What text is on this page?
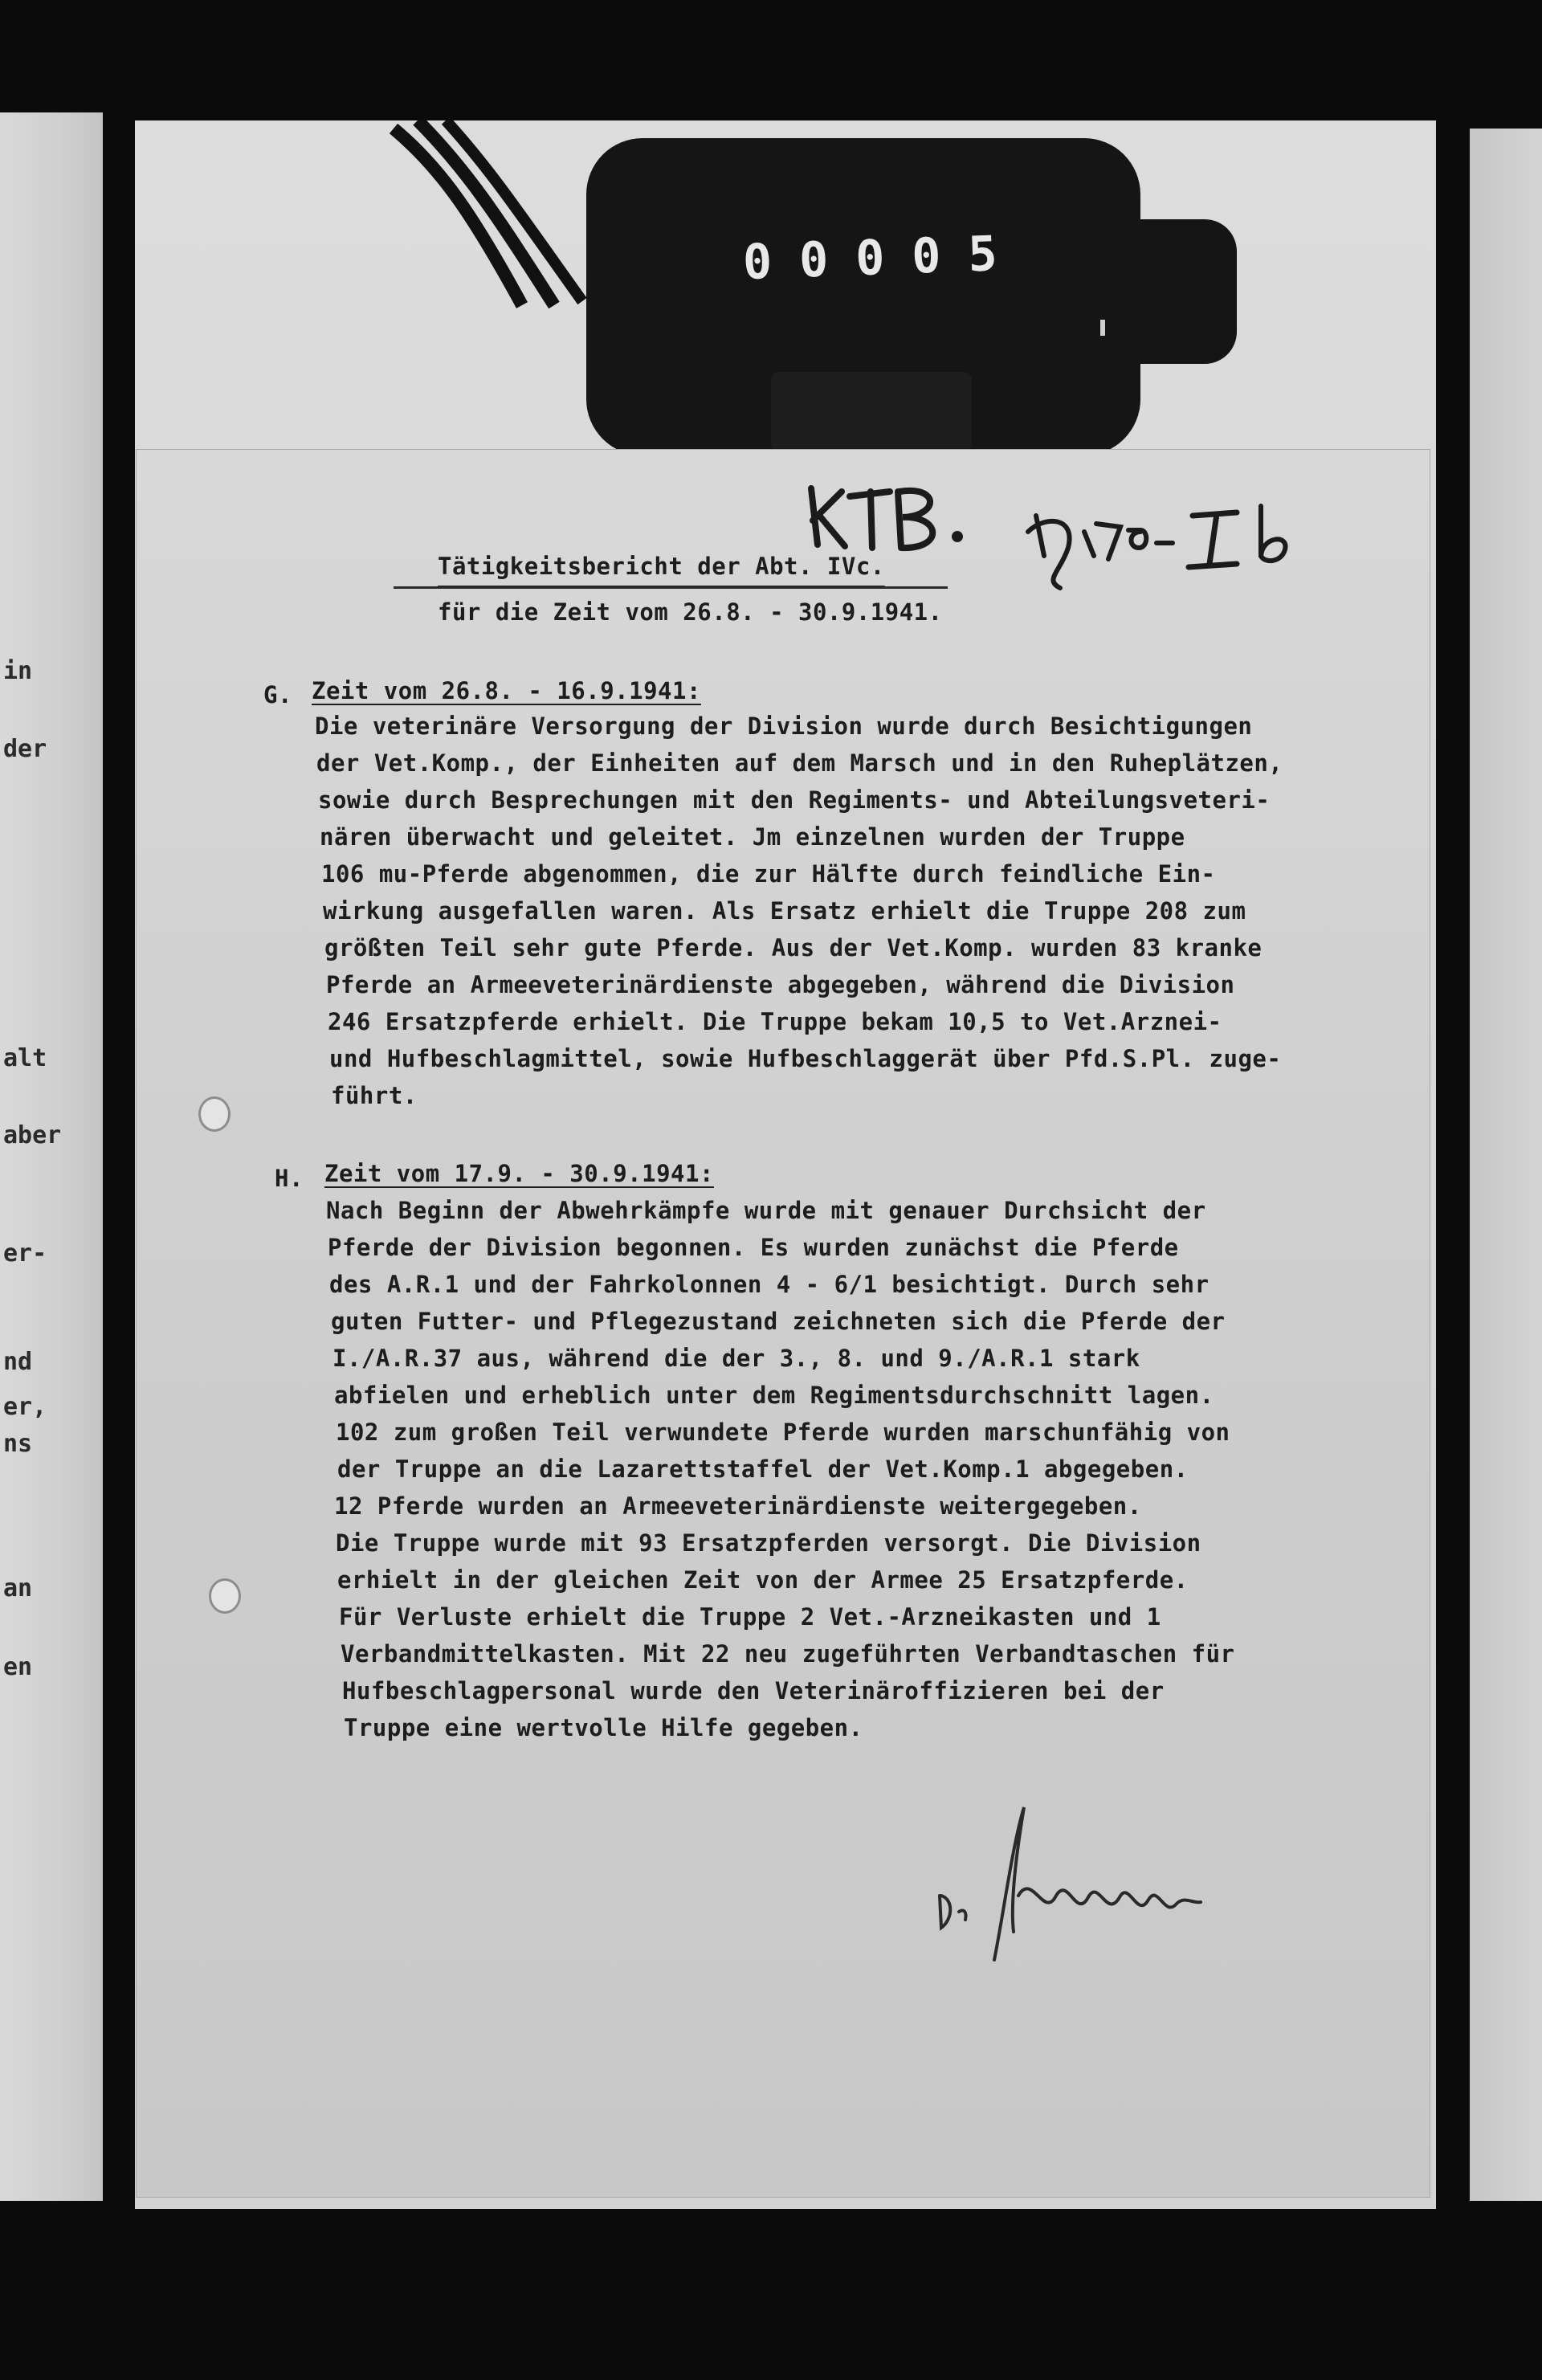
in
der
alt
aber
er-
nd
er,
ns
an
en
00005
Tätigkeitsbericht der Abt. IVc.
für die Zeit vom 26.8. - 30.9.1941.
G. Zeit vom 26.8. - 16.9.1941:
Die veterinäre Versorgung der Division wurde durch Besichtigungen
der Vet.Komp., der Einheiten auf dem Marsch und in den Ruheplätzen,
sowie durch Besprechungen mit den Regiments- und Abteilungsveteri-
nären überwacht und geleitet. Jm einzelnen wurden der Truppe
106 mu-Pferde abgenommen, die zur Hälfte durch feindliche Ein-
wirkung ausgefallen waren. Als Ersatz erhielt die Truppe 208 zum
größten Teil sehr gute Pferde. Aus der Vet.Komp. wurden 83 kranke
Pferde an Armeeveterinärdienste abgegeben, während die Division
246 Ersatzpferde erhielt. Die Truppe bekam 10,5 to Vet.Arznei-
und Hufbeschlagmittel, sowie Hufbeschlaggerät über Pfd.S.Pl. zuge-
führt.
H. Zeit vom 17.9. - 30.9.1941:
Nach Beginn der Abwehrkämpfe wurde mit genauer Durchsicht der
Pferde der Division begonnen. Es wurden zunächst die Pferde
des A.R.1 und der Fahrkolonnen 4 - 6/1 besichtigt. Durch sehr
guten Futter- und Pflegezustand zeichneten sich die Pferde der
I./A.R.37 aus, während die der 3., 8. und 9./A.R.1 stark
abfielen und erheblich unter dem Regimentsdurchschnitt lagen.
102 zum großen Teil verwundete Pferde wurden marschunfähig von
der Truppe an die Lazarettstaffel der Vet.Komp.1 abgegeben.
12 Pferde wurden an Armeeveterinärdienste weitergegeben.
Die Truppe wurde mit 93 Ersatzpferden versorgt. Die Division
erhielt in der gleichen Zeit von der Armee 25 Ersatzpferde.
Für Verluste erhielt die Truppe 2 Vet.-Arzneikasten und 1
Verbandmittelkasten. Mit 22 neu zugeführten Verbandtaschen für
Hufbeschlagpersonal wurde den Veterinäroffizieren bei der
Truppe eine wertvolle Hilfe gegeben.
